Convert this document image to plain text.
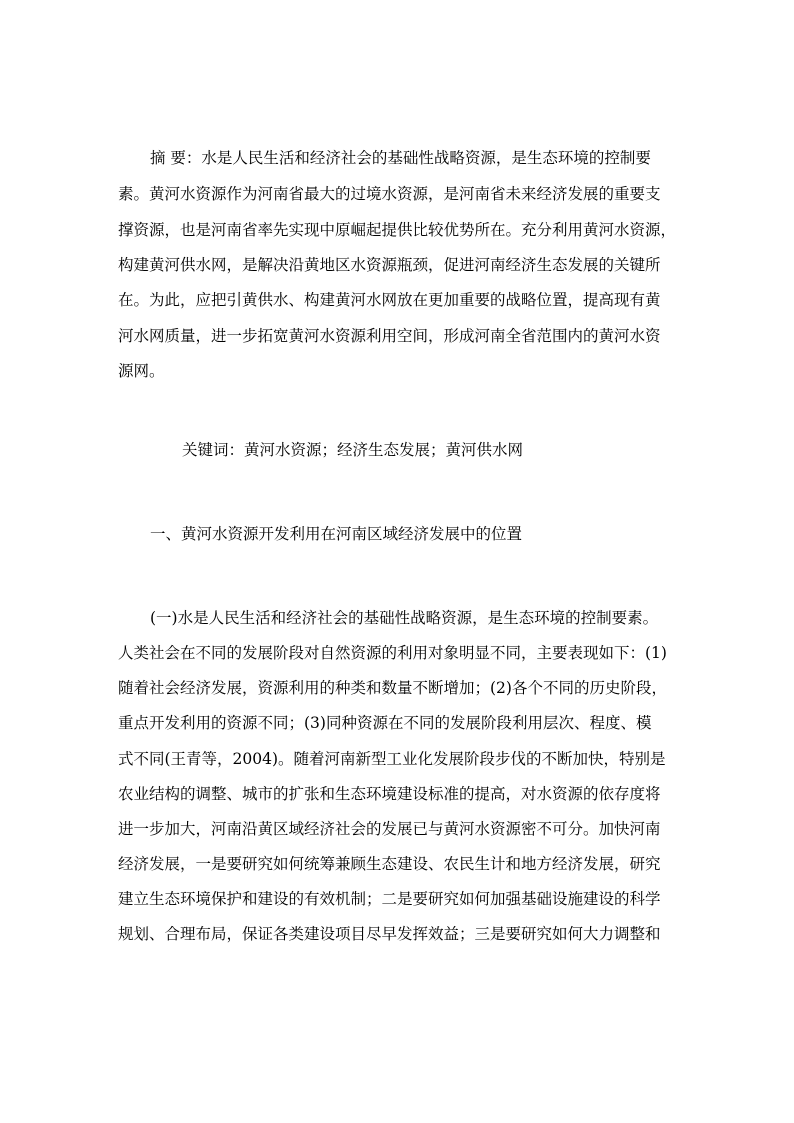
摘 要：水是人民生活和经济社会的基础性战略资源，是生态环境的控制要
素。黄河水资源作为河南省最大的过境水资源，是河南省未来经济发展的重要支
撑资源，也是河南省率先实现中原崛起提供比较优势所在。充分利用黄河水资源，
构建黄河供水网，是解决沿黄地区水资源瓶颈，促进河南经济生态发展的关键所
在。为此，应把引黄供水、构建黄河水网放在更加重要的战略位置，提高现有黄
河水网质量，进一步拓宽黄河水资源利用空间，形成河南全省范围内的黄河水资
源网。
关键词：黄河水资源；经济生态发展；黄河供水网
一、黄河水资源开发利用在河南区域经济发展中的位置
(一)水是人民生活和经济社会的基础性战略资源，是生态环境的控制要素。
人类社会在不同的发展阶段对自然资源的利用对象明显不同，主要表现如下：(1)
随着社会经济发展，资源利用的种类和数量不断增加；(2)各个不同的历史阶段，
重点开发利用的资源不同；(3)同种资源在不同的发展阶段利用层次、程度、模
式不同(王青等，2004)。随着河南新型工业化发展阶段步伐的不断加快，特别是
农业结构的调整、城市的扩张和生态环境建设标准的提高，对水资源的依存度将
进一步加大，河南沿黄区域经济社会的发展已与黄河水资源密不可分。加快河南
经济发展，一是要研究如何统筹兼顾生态建设、农民生计和地方经济发展，研究
建立生态环境保护和建设的有效机制；二是要研究如何加强基础设施建设的科学
规划、合理布局，保证各类建设项目尽早发挥效益；三是要研究如何大力调整和
